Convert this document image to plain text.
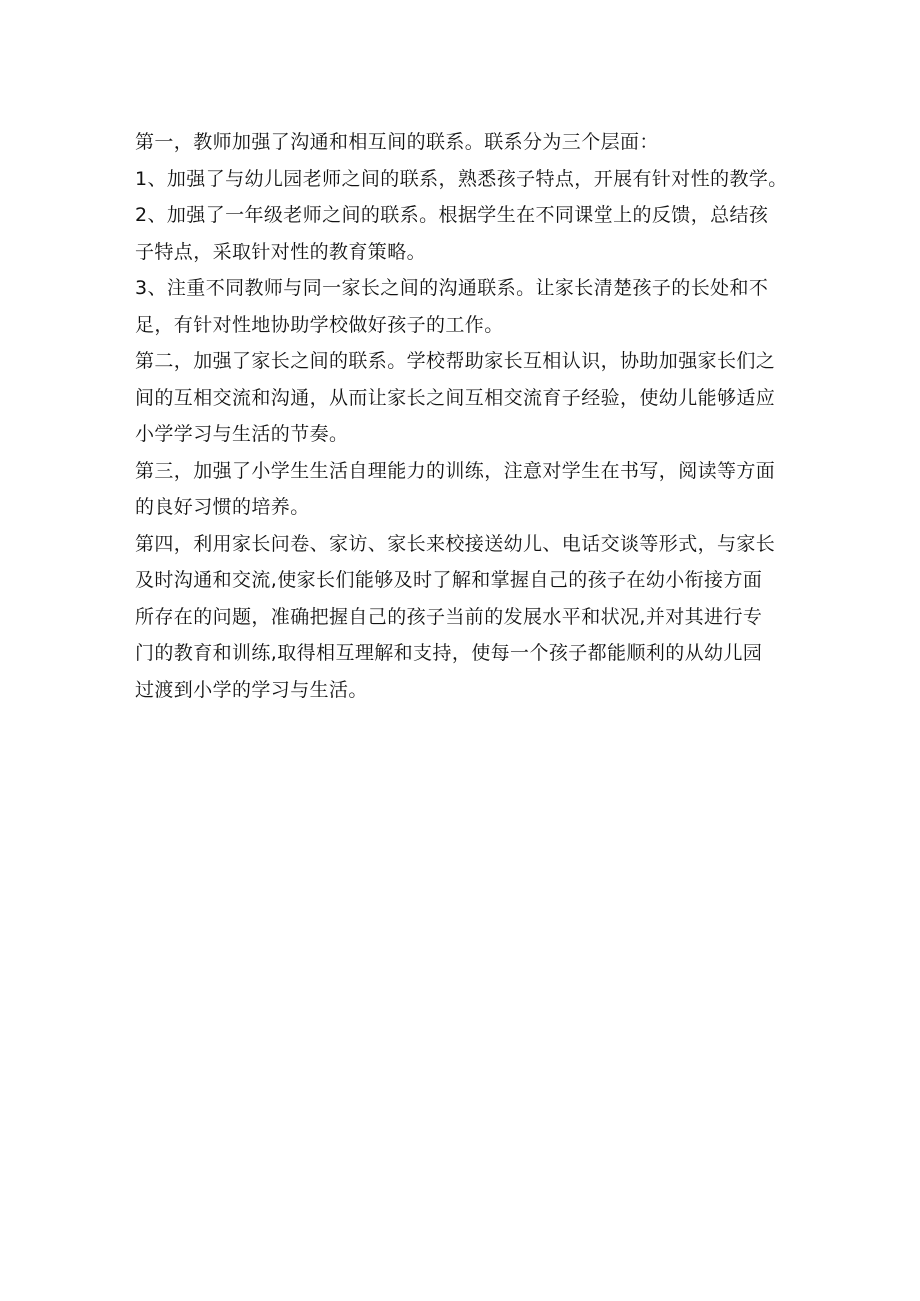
第一，教师加强了沟通和相互间的联系。联系分为三个层面：

1、加强了与幼儿园老师之间的联系，熟悉孩子特点，开展有针对性的教学。

2、加强了一年级老师之间的联系。根据学生在不同课堂上的反馈，总结孩
子特点，采取针对性的教育策略。

3、注重不同教师与同一家长之间的沟通联系。让家长清楚孩子的长处和不
足，有针对性地协助学校做好孩子的工作。

第二，加强了家长之间的联系。学校帮助家长互相认识，协助加强家长们之
间的互相交流和沟通，从而让家长之间互相交流育子经验，使幼儿能够适应
小学学习与生活的节奏。

第三，加强了小学生生活自理能力的训练，注意对学生在书写，阅读等方面
的良好习惯的培养。

第四，利用家长问卷、家访、家长来校接送幼儿、电话交谈等形式，与家长
及时沟通和交流,使家长们能够及时了解和掌握自己的孩子在幼小衔接方面
所存在的问题，准确把握自己的孩子当前的发展水平和状况,并对其进行专
门的教育和训练,取得相互理解和支持，使每一个孩子都能顺利的从幼儿园
过渡到小学的学习与生活。
